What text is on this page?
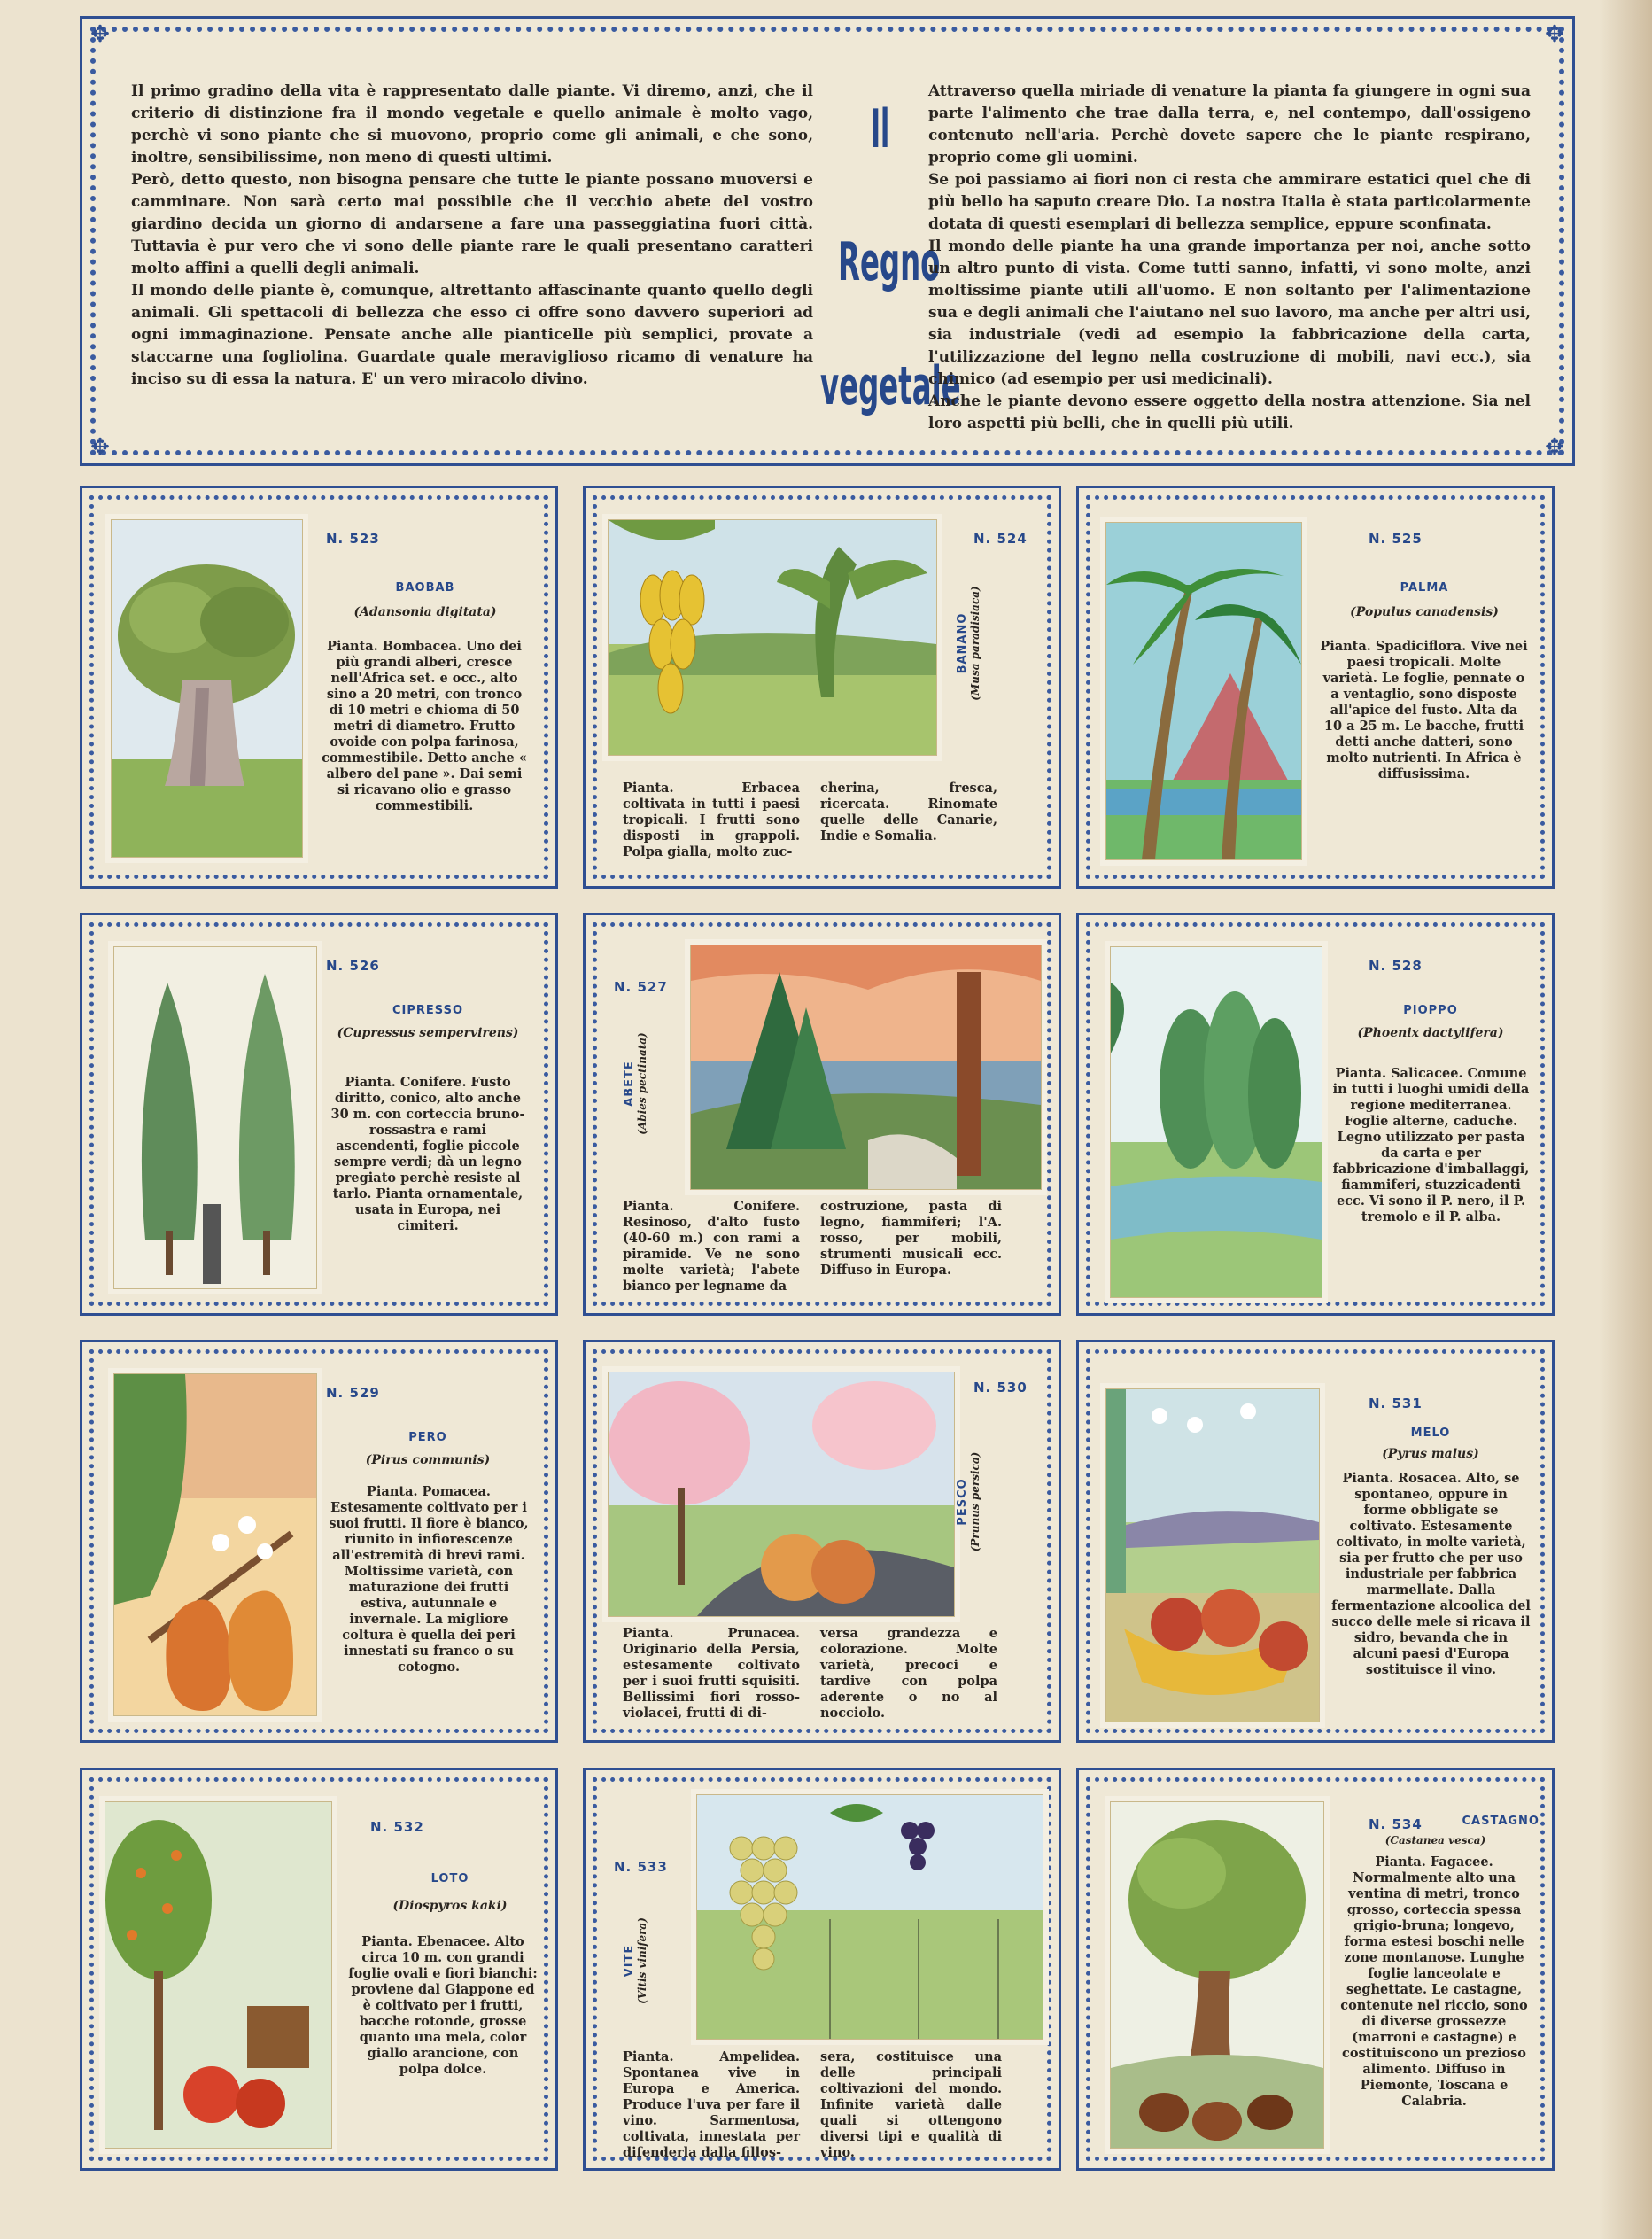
✥	✥
✥	✥

Il primo gradino della vita è rappresentato dalle piante. Vi diremo, anzi, che il criterio di distinzione fra il mondo vegetale e quello animale è molto vago, perchè vi sono piante che si muovono, proprio come gli animali, e che sono, inoltre, sensibilissime, non meno di questi ultimi.

Però, detto questo, non bisogna pensare che tutte le piante possano muoversi e camminare. Non sarà certo mai possibile che il vecchio abete del vostro giardino decida un giorno di andarsene a fare una passeggiatina fuori città. Tuttavia è pur vero che vi sono delle piante rare le quali presentano caratteri molto affini a quelli degli animali.

Il mondo delle piante è, comunque, altrettanto affascinante quanto quello degli animali. Gli spettacoli di bellezza che esso ci offre sono davvero superiori ad ogni immaginazione. Pensate anche alle pianticelle più semplici, provate a staccarne una fogliolina. Guardate quale meraviglioso ricamo di venature ha inciso su di essa la natura. E' un vero miracolo divino.

Il
Regno
vegetale

Attraverso quella miriade di venature la pianta fa giungere in ogni sua parte l'alimento che trae dalla terra, e, nel contempo, dall'ossigeno contenuto nell'aria. Perchè dovete sapere che le piante respirano, proprio come gli uomini.

Se poi passiamo ai fiori non ci resta che ammirare estatici quel che di più bello ha saputo creare Dio. La nostra Italia è stata particolarmente dotata di questi esemplari di bellezza semplice, eppure sconfinata.

Il mondo delle piante ha una grande importanza per noi, anche sotto un altro punto di vista. Come tutti sanno, infatti, vi sono molte, anzi moltissime piante utili all'uomo. E non soltanto per l'alimentazione sua e degli animali che l'aiutano nel suo lavoro, ma anche per altri usi, sia industriale (vedi ad esempio la fabbricazione della carta, l'utilizzazione del legno nella costruzione di mobili, navi ecc.), sia chimico (ad esempio per usi medicinali).

Anche le piante devono essere oggetto della nostra attenzione. Sia nel loro aspetti più belli, che in quelli più utili.

N. 523
BAOBAB
(Adansonia digitata)
Pianta. Bombacea. Uno dei più grandi alberi, cresce nell'Africa set. e occ., alto sino a 20 metri, con tronco di 10 metri e chioma di 50 metri di diametro. Frutto ovoide con polpa farinosa, commestibile. Detto anche « albero del pane ». Dai semi si ricavano olio e grasso commestibili.
N. 524
BANANO (Musa paradisiaca)
Pianta. Erbacea coltivata in tutti i paesi tropicali. I frutti sono disposti in grappoli. Polpa gialla, molto zuc-
cherina, fresca, ricercata. Rinomate quelle delle Canarie, Indie e Somalia.
N. 525
PALMA
(Populus canadensis)
Pianta. Spadiciflora. Vive nei paesi tropicali. Molte varietà. Le foglie, pennate o a ventaglio, sono disposte all'apice del fusto. Alta da 10 a 25 m. Le bacche, frutti detti anche datteri, sono molto nutrienti. In Africa è diffusissima.
N. 526
CIPRESSO
(Cupressus sempervirens)
Pianta. Conifere. Fusto diritto, conico, alto anche 30 m. con corteccia bruno-rossastra e rami ascendenti, foglie piccole sempre verdi; dà un legno pregiato perchè resiste al tarlo. Pianta ornamentale, usata in Europa, nei cimiteri.
N. 527
ABETE (Abies pectinata)
Pianta. Conifere. Resinoso, d'alto fusto (40-60 m.) con rami a piramide. Ve ne sono molte varietà; l'abete bianco per legname da
costruzione, pasta di legno, fiammiferi; l'A. rosso, per mobili, strumenti musicali ecc. Diffuso in Europa.
N. 528
PIOPPO
(Phoenix dactylifera)
Pianta. Salicacee. Comune in tutti i luoghi umidi della regione mediterranea. Foglie alterne, caduche. Legno utilizzato per pasta da carta e per fabbricazione d'imballaggi, fiammiferi, stuzzicadenti ecc. Vi sono il P. nero, il P. tremolo e il P. alba.
N. 529
PERO
(Pirus communis)
Pianta. Pomacea. Estesamente coltivato per i suoi frutti. Il fiore è bianco, riunito in infiorescenze all'estremità di brevi rami. Moltissime varietà, con maturazione dei frutti estiva, autunnale e invernale. La migliore coltura è quella dei peri innestati su franco o su cotogno.
N. 530
PESCO (Prunus persica)
Pianta. Prunacea. Originario della Persia, estesamente coltivato per i suoi frutti squisiti. Bellissimi fiori rosso-violacei, frutti di di-
versa grandezza e colorazione. Molte varietà, precoci e tardive con polpa aderente o no al nocciolo.
N. 531
MELO
(Pyrus malus)
Pianta. Rosacea. Alto, se spontaneo, oppure in forme obbligate se coltivato. Estesamente coltivato, in molte varietà, sia per frutto che per uso industriale per fabbrica marmellate. Dalla fermentazione alcoolica del succo delle mele si ricava il sidro, bevanda che in alcuni paesi d'Europa sostituisce il vino.
N. 532
LOTO
(Diospyros kaki)
Pianta. Ebenacee. Alto circa 10 m. con grandi foglie ovali e fiori bianchi: proviene dal Giappone ed è coltivato per i frutti, bacche rotonde, grosse quanto una mela, color giallo arancione, con polpa dolce.
N. 533
VITE (Vitis vinifera)
Pianta. Ampelidea. Spontanea vive in Europa e America. Produce l'uva per fare il vino. Sarmentosa, coltivata, innestata per difenderla dalla fillos-
sera, costituisce una delle principali coltivazioni del mondo. Infinite varietà dalle quali si ottengono diversi tipi e qualità di vino.
N. 534	CASTAGNO
(Castanea vesca)
Pianta. Fagacee. Normalmente alto una ventina di metri, tronco grosso, corteccia spessa grigio-bruna; longevo, forma estesi boschi nelle zone montanose. Lunghe foglie lanceolate e seghettate. Le castagne, contenute nel riccio, sono di diverse grossezze (marroni e castagne) e costituiscono un prezioso alimento. Diffuso in Piemonte, Toscana e Calabria.
